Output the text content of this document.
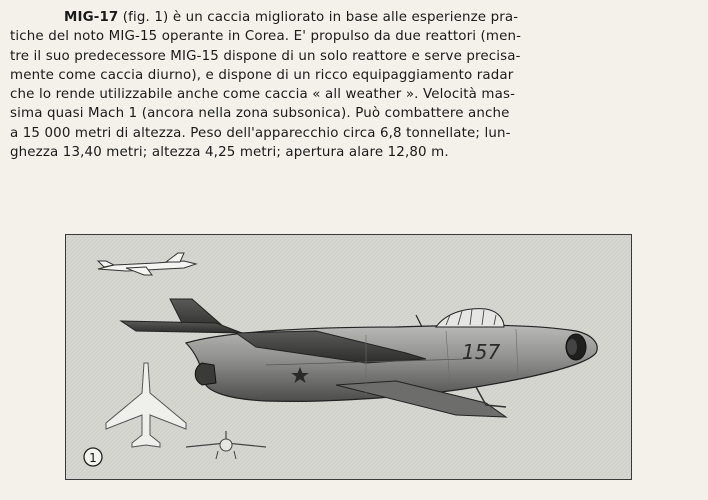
MIG-17 (fig. 1) è un caccia migliorato in base alle esperienze pra-
tiche del noto MIG-15 operante in Corea. E' propulso da due reattori (men-
tre il suo predecessore MIG-15 dispone di un solo reattore e serve precisa-
mente come caccia diurno), e dispone di un ricco equipaggiamento radar
che lo rende utilizzabile anche come caccia « all weather ». Velocità mas-
sima quasi Mach 1 (ancora nella zona subsonica). Può combattere anche
a 15 000 metri di altezza. Peso dell'apparecchio circa 6,8 tonnellate; lun-
ghezza 13,40 metri; altezza 4,25 metri; apertura alare 12,80 m.
157
1
